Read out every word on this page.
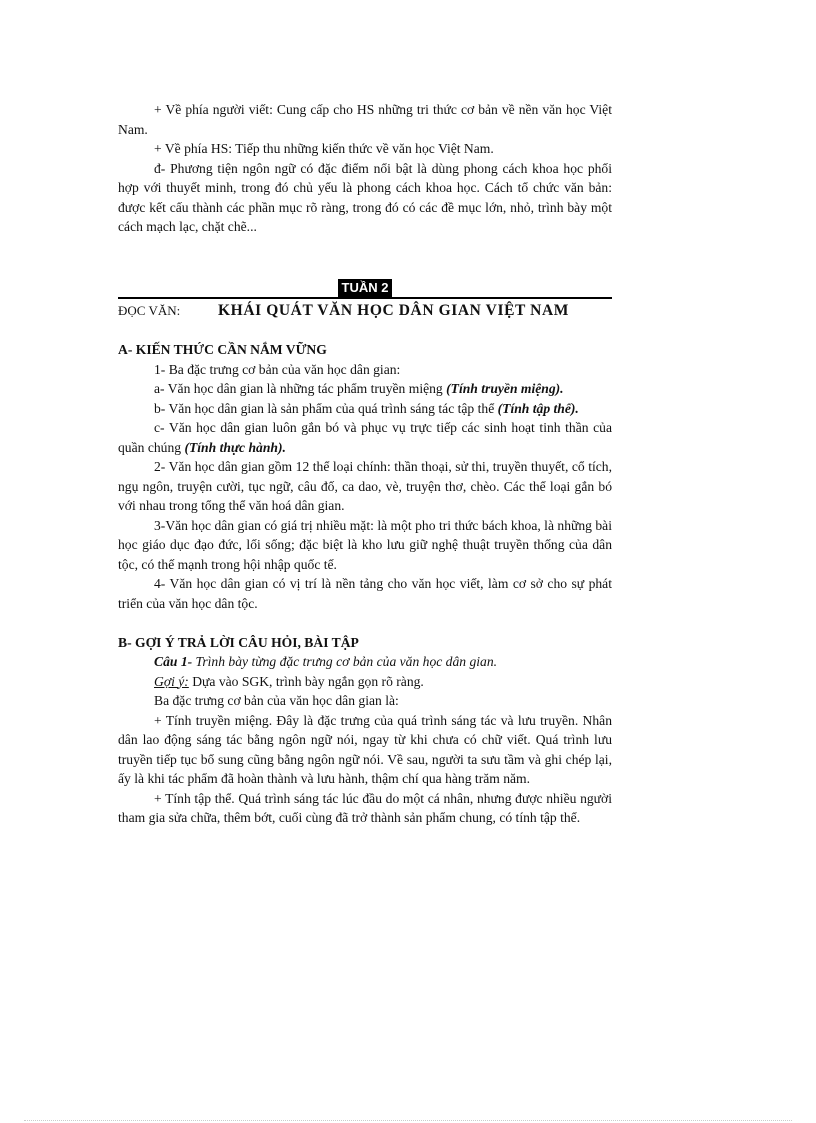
+ Về phía người viết: Cung cấp cho HS những tri thức cơ bản về nền văn học Việt Nam.

+ Về phía HS: Tiếp thu những kiến thức về văn học Việt Nam.

đ- Phương tiện ngôn ngữ có đặc điểm nổi bật là dùng phong cách khoa học phối hợp với thuyết minh, trong đó chủ yếu là phong cách khoa học. Cách tổ chức văn bản: được kết cấu thành các phần mục rõ ràng, trong đó có các đề mục lớn, nhỏ, trình bày một cách mạch lạc, chặt chẽ...

TUẦN 2
ĐỌC VĂN:	KHÁI QUÁT VĂN HỌC DÂN GIAN VIỆT NAM

A- KIẾN THỨC CẦN NẮM VỮNG

1- Ba đặc trưng cơ bản của văn học dân gian:

a- Văn học dân gian là những tác phẩm truyền miệng (Tính truyền miệng).

b- Văn học dân gian là sản phẩm của quá trình sáng tác tập thể (Tính tập thể).

c- Văn học dân gian luôn gắn bó và phục vụ trực tiếp các sinh hoạt tinh thần của quần chúng (Tính thực hành).

2- Văn học dân gian gồm 12 thể loại chính: thần thoại, sử thi, truyền thuyết, cổ tích, ngụ ngôn, truyện cười, tục ngữ, câu đố, ca dao, vè, truyện thơ, chèo. Các thể loại gắn bó với nhau trong tổng thể văn hoá dân gian.

3-Văn học dân gian có giá trị nhiều mặt: là một pho tri thức bách khoa, là những bài học giáo dục đạo đức, lối sống; đặc biệt là kho lưu giữ nghệ thuật truyền thống của dân tộc, có thế mạnh trong hội nhập quốc tế.

4- Văn học dân gian có vị trí là nền tảng cho văn học viết, làm cơ sở cho sự phát triển của văn học dân tộc.

B- GỢI Ý TRẢ LỜI CÂU HỎI, BÀI TẬP

Câu 1- Trình bày từng đặc trưng cơ bản của văn học dân gian.

Gợi ý: Dựa vào SGK, trình bày ngắn gọn rõ ràng.

Ba đặc trưng cơ bản của văn học dân gian là:

+ Tính truyền miệng. Đây là đặc trưng của quá trình sáng tác và lưu truyền. Nhân dân lao động sáng tác bằng ngôn ngữ nói, ngay từ khi chưa có chữ viết. Quá trình lưu truyền tiếp tục bổ sung cũng bằng ngôn ngữ nói. Về sau, người ta sưu tầm và ghi chép lại, ấy là khi tác phẩm đã hoàn thành và lưu hành, thậm chí qua hàng trăm năm.

+ Tính tập thể. Quá trình sáng tác lúc đầu do một cá nhân, nhưng được nhiều người tham gia sửa chữa, thêm bớt, cuối cùng đã trở thành sản phẩm chung, có tính tập thể.
